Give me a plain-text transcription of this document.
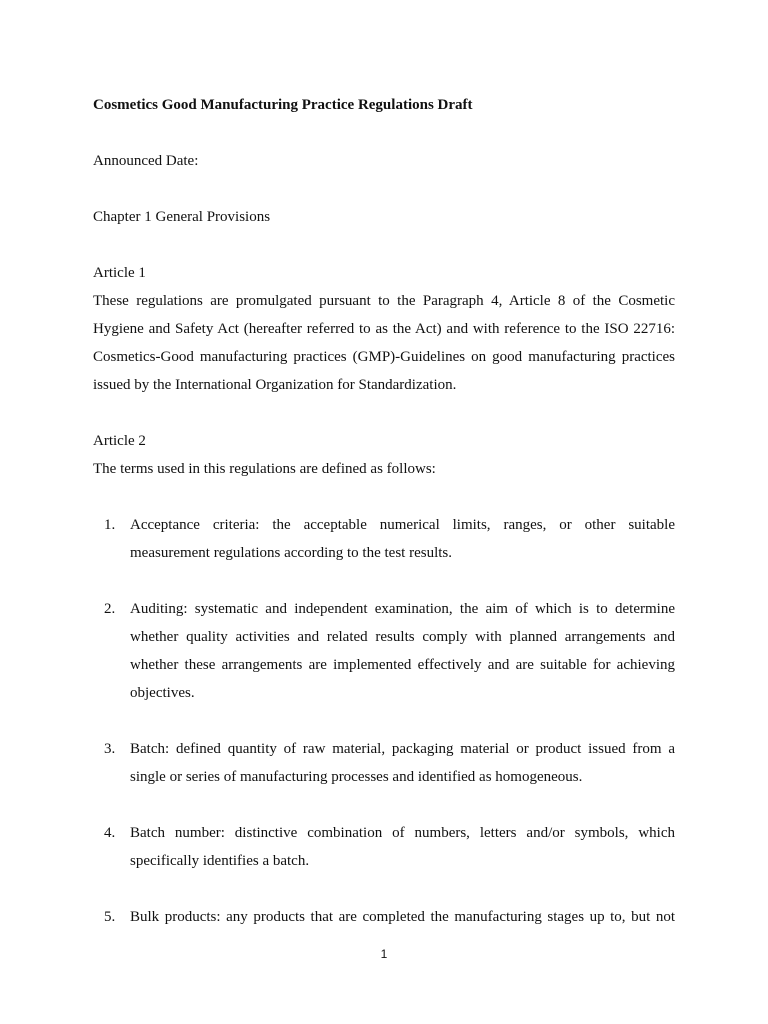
Cosmetics Good Manufacturing Practice Regulations Draft
Announced Date:
Chapter 1 General Provisions
Article 1
These regulations are promulgated pursuant to the Paragraph 4, Article 8 of the Cosmetic Hygiene and Safety Act (hereafter referred to as the Act) and with reference to the ISO 22716: Cosmetics-Good manufacturing practices (GMP)-Guidelines on good manufacturing practices issued by the International Organization for Standardization.
Article 2
The terms used in this regulations are defined as follows:
1. Acceptance criteria: the acceptable numerical limits, ranges, or other suitable measurement regulations according to the test results.
2. Auditing: systematic and independent examination, the aim of which is to determine whether quality activities and related results comply with planned arrangements and whether these arrangements are implemented effectively and are suitable for achieving objectives.
3. Batch: defined quantity of raw material, packaging material or product issued from a single or series of manufacturing processes and identified as homogeneous.
4. Batch number: distinctive combination of numbers, letters and/or symbols, which specifically identifies a batch.
5. Bulk products: any products that are completed the manufacturing stages up to, but not
1
